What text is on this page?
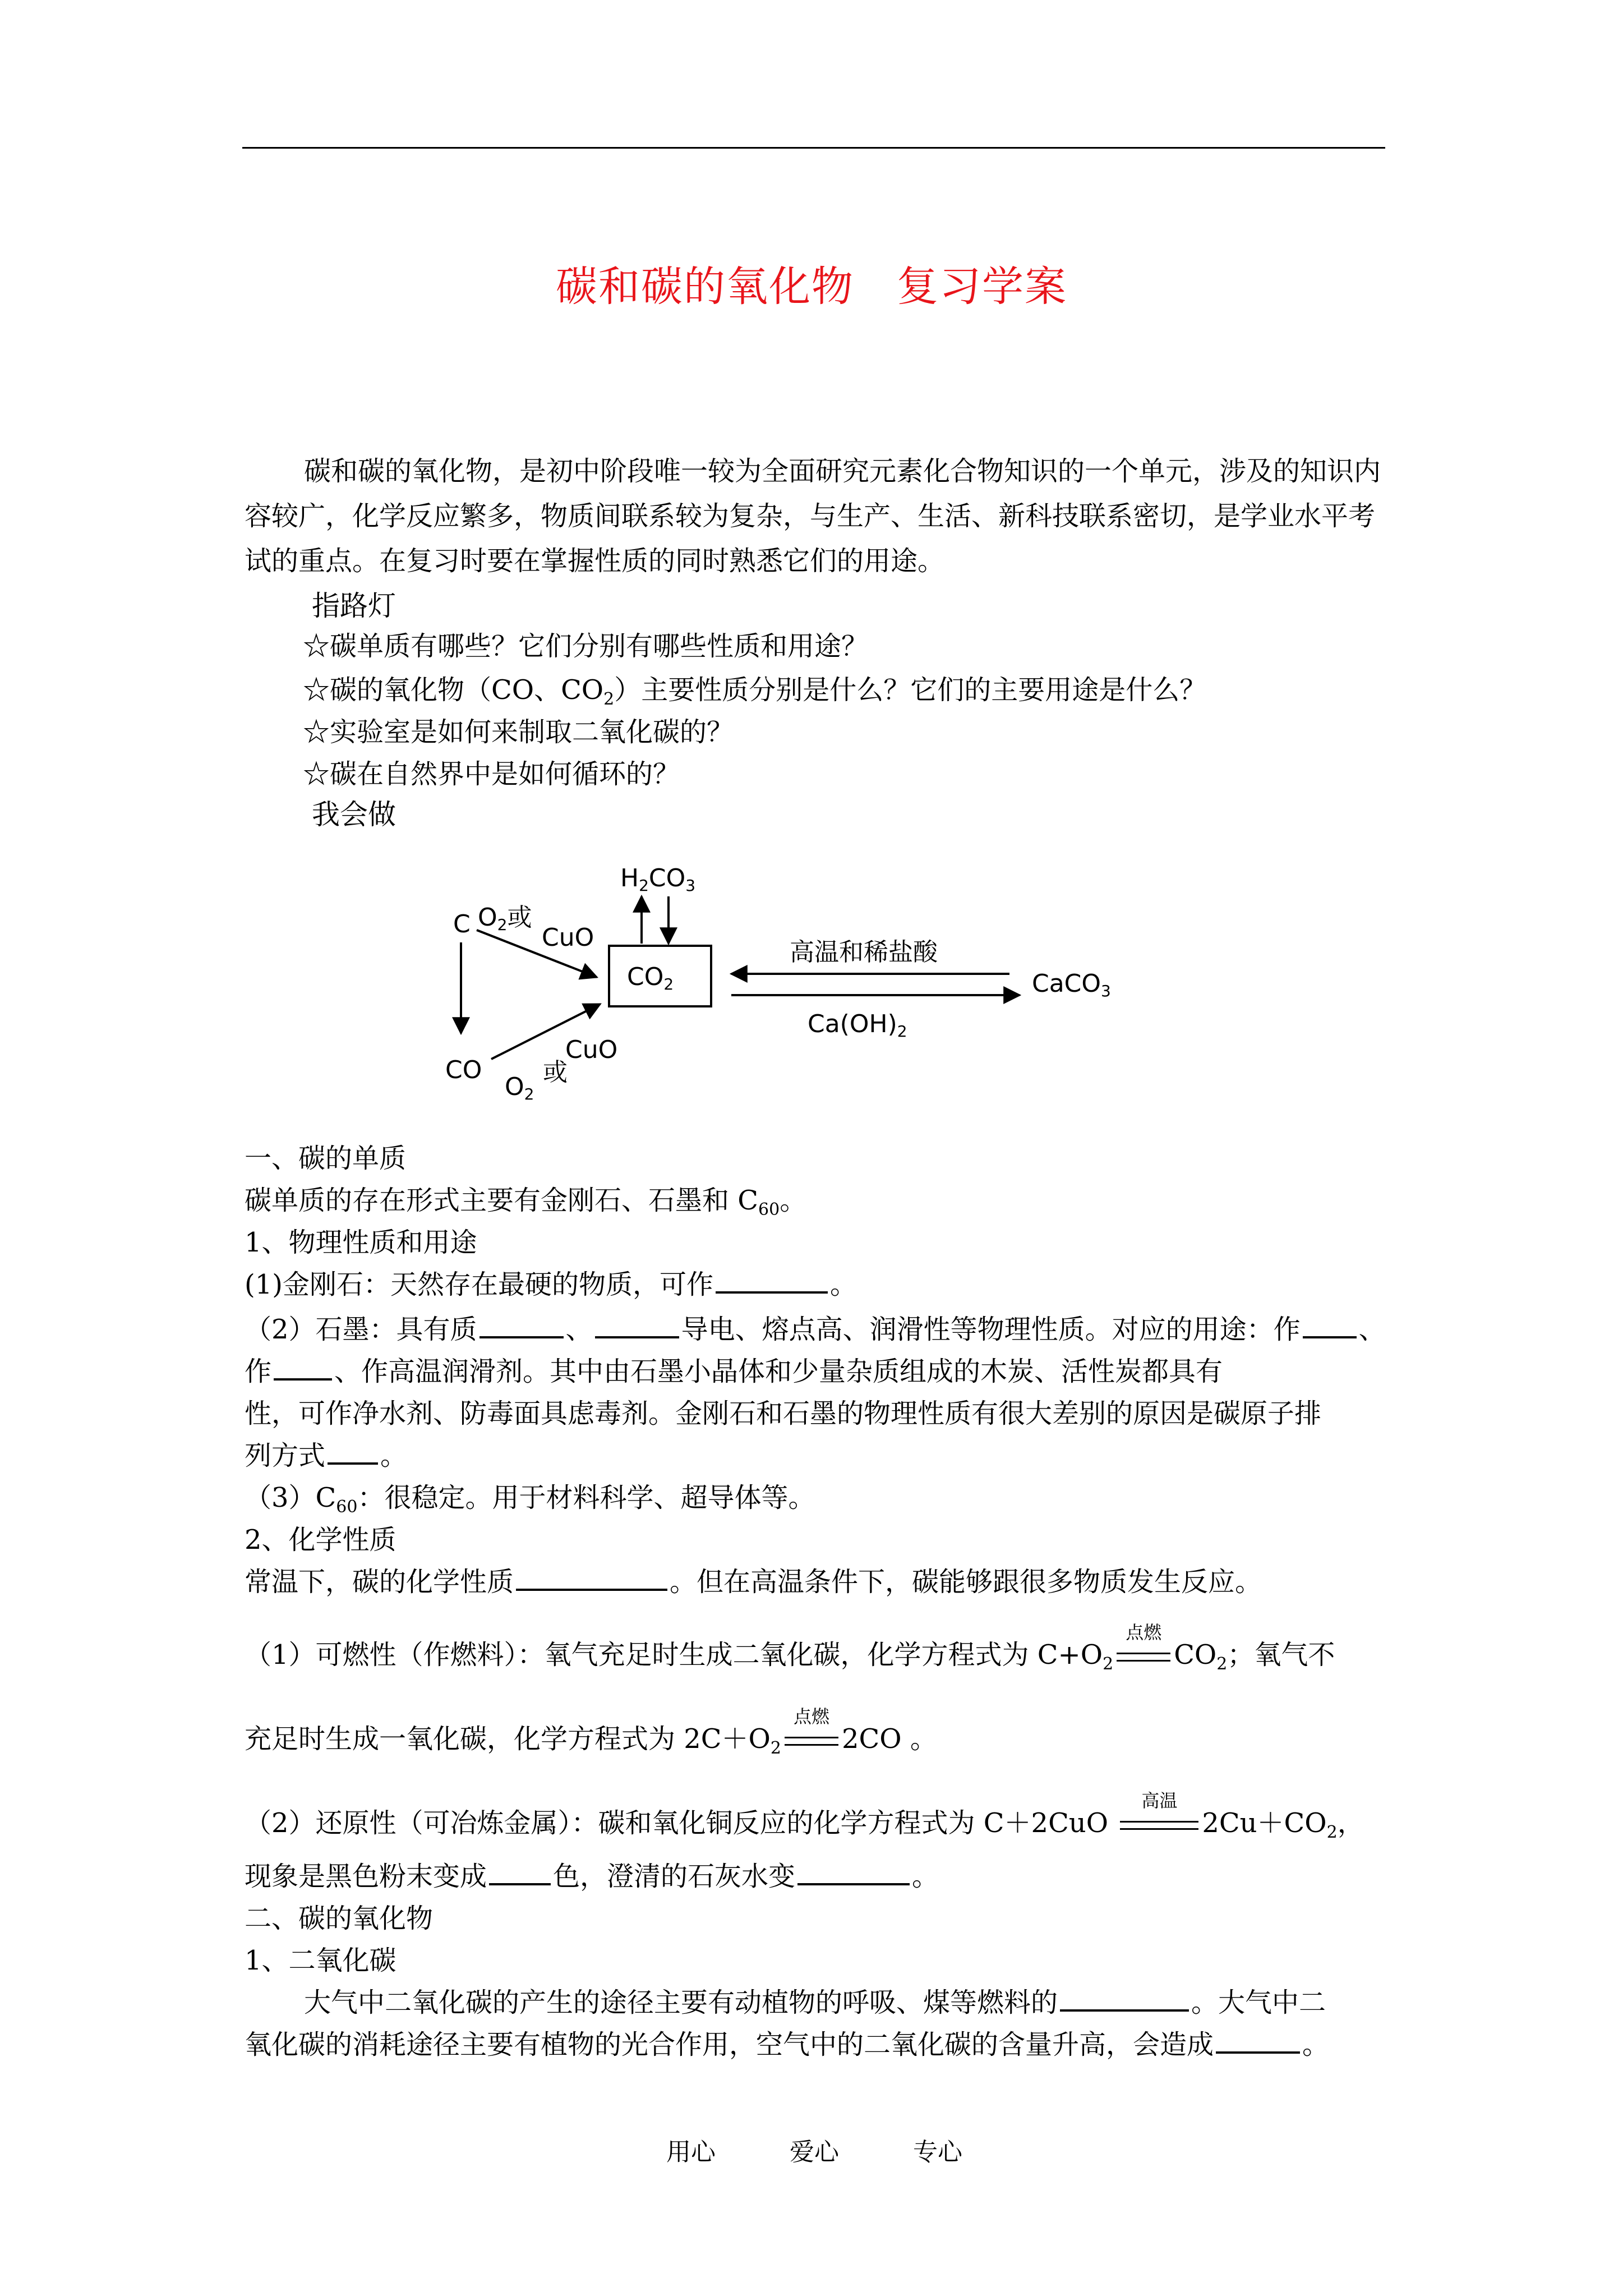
碳和碳的氧化物　复习学案
碳和碳的氧化物，是初中阶段唯一较为全面研究元素化合物知识的一个单元，涉及的知识内容较广，化学反应繁多，物质间联系较为复杂，与生产、生活、新科技联系密切，是学业水平考试的重点。在复习时要在掌握性质的同时熟悉它们的用途。
指路灯
☆碳单质有哪些？它们分别有哪些性质和用途？
☆碳的氧化物（CO、$CO_2$）主要性质分别是什么？它们的主要用途是什么？
☆实验室是如何来制取二氧化碳的？
☆碳在自然界中是如何循环的？
我会做
C O2或
CuO
CO
CuO
或
O2
CO2
H2CO3
高温和稀盐酸
Ca(OH)2
CaCO3
一、碳的单质
碳单质的存在形式主要有金刚石、石墨和 $C_{60}$。
1、物理性质和用途
(1)金刚石：天然存在最硬的物质，可作	。
（2）石墨：具有质	、	导电、熔点高、润滑性等物理性质。对应的用途：作 、
作 、作高温润滑剂。其中由石墨小晶体和少量杂质组成的木炭、活性炭都具有
性，可作净水剂、防毒面具虑毒剂。金刚石和石墨的物理性质有很大差别的原因是碳原子排
列方式 。
$(3)C_{60}$：很稳定。用于材料科学、超导体等。
2、化学性质
常温下，碳的化学性质	。但在高温条件下，碳能够跟很多物质发生反应。
（1）可燃性（作燃料）：氧气充足时生成二氧化碳，化学方程式为 $C+O_2$
点燃
$CO_2$；氧气不
充足时生成一氧化碳，化学方程式为 $2C+O_2$
点燃
2CO 。
（2）还原性（可冶炼金属）：碳和氧化铜反应的化学方程式为 C＋2CuO
高温
$2Cu+CO_2$，
现象是黑色粉末变成 色，澄清的石灰水变	。
二、碳的氧化物
1、二氧化碳
大气中二氧化碳的产生的途径主要有动植物的呼吸、煤等燃料的	。大气中二
氧化碳的消耗途径主要有植物的光合作用，空气中的二氧化碳的含量升高，会造成	。
用心	爱心	专心
